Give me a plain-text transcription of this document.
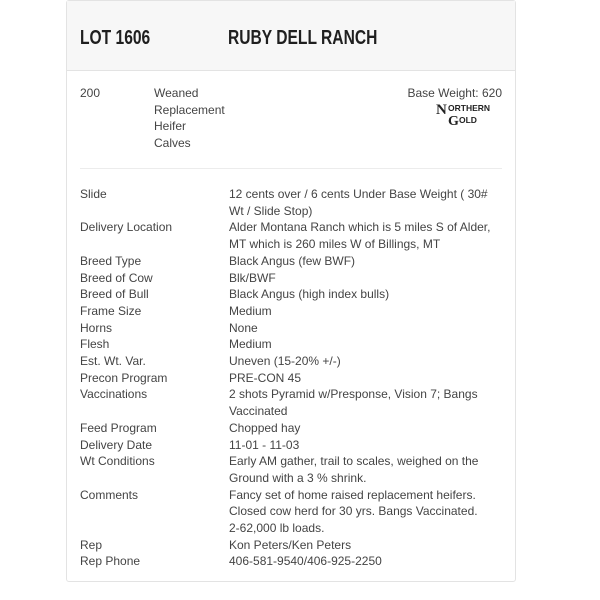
LOT 1606	RUBY DELL RANCH
200	Weaned
Replacement
Heifer
Calves
Base Weight: 620
N ORTHERN
G OLD
Slide	12 cents over / 6 cents Under Base Weight ( 30# Wt / Slide Stop)
Delivery Location	Alder Montana Ranch which is 5 miles S of Alder, MT which is 260 miles W of Billings, MT
Breed Type	Black Angus (few BWF)
Breed of Cow	Blk/BWF
Breed of Bull	Black Angus (high index bulls)
Frame Size	Medium
Horns	None
Flesh	Medium
Est. Wt. Var.	Uneven (15-20% +/-)
Precon Program	PRE-CON 45
Vaccinations	2 shots Pyramid w/Presponse, Vision 7; Bangs Vaccinated
Feed Program	Chopped hay
Delivery Date	11-01 - 11-03
Wt Conditions	Early AM gather, trail to scales, weighed on the Ground with a 3 % shrink.
Comments	Fancy set of home raised replacement heifers. Closed cow herd for 30 yrs. Bangs Vaccinated. 2-62,000 lb loads.
Rep	Kon Peters/Ken Peters
Rep Phone	406-581-9540/406-925-2250
